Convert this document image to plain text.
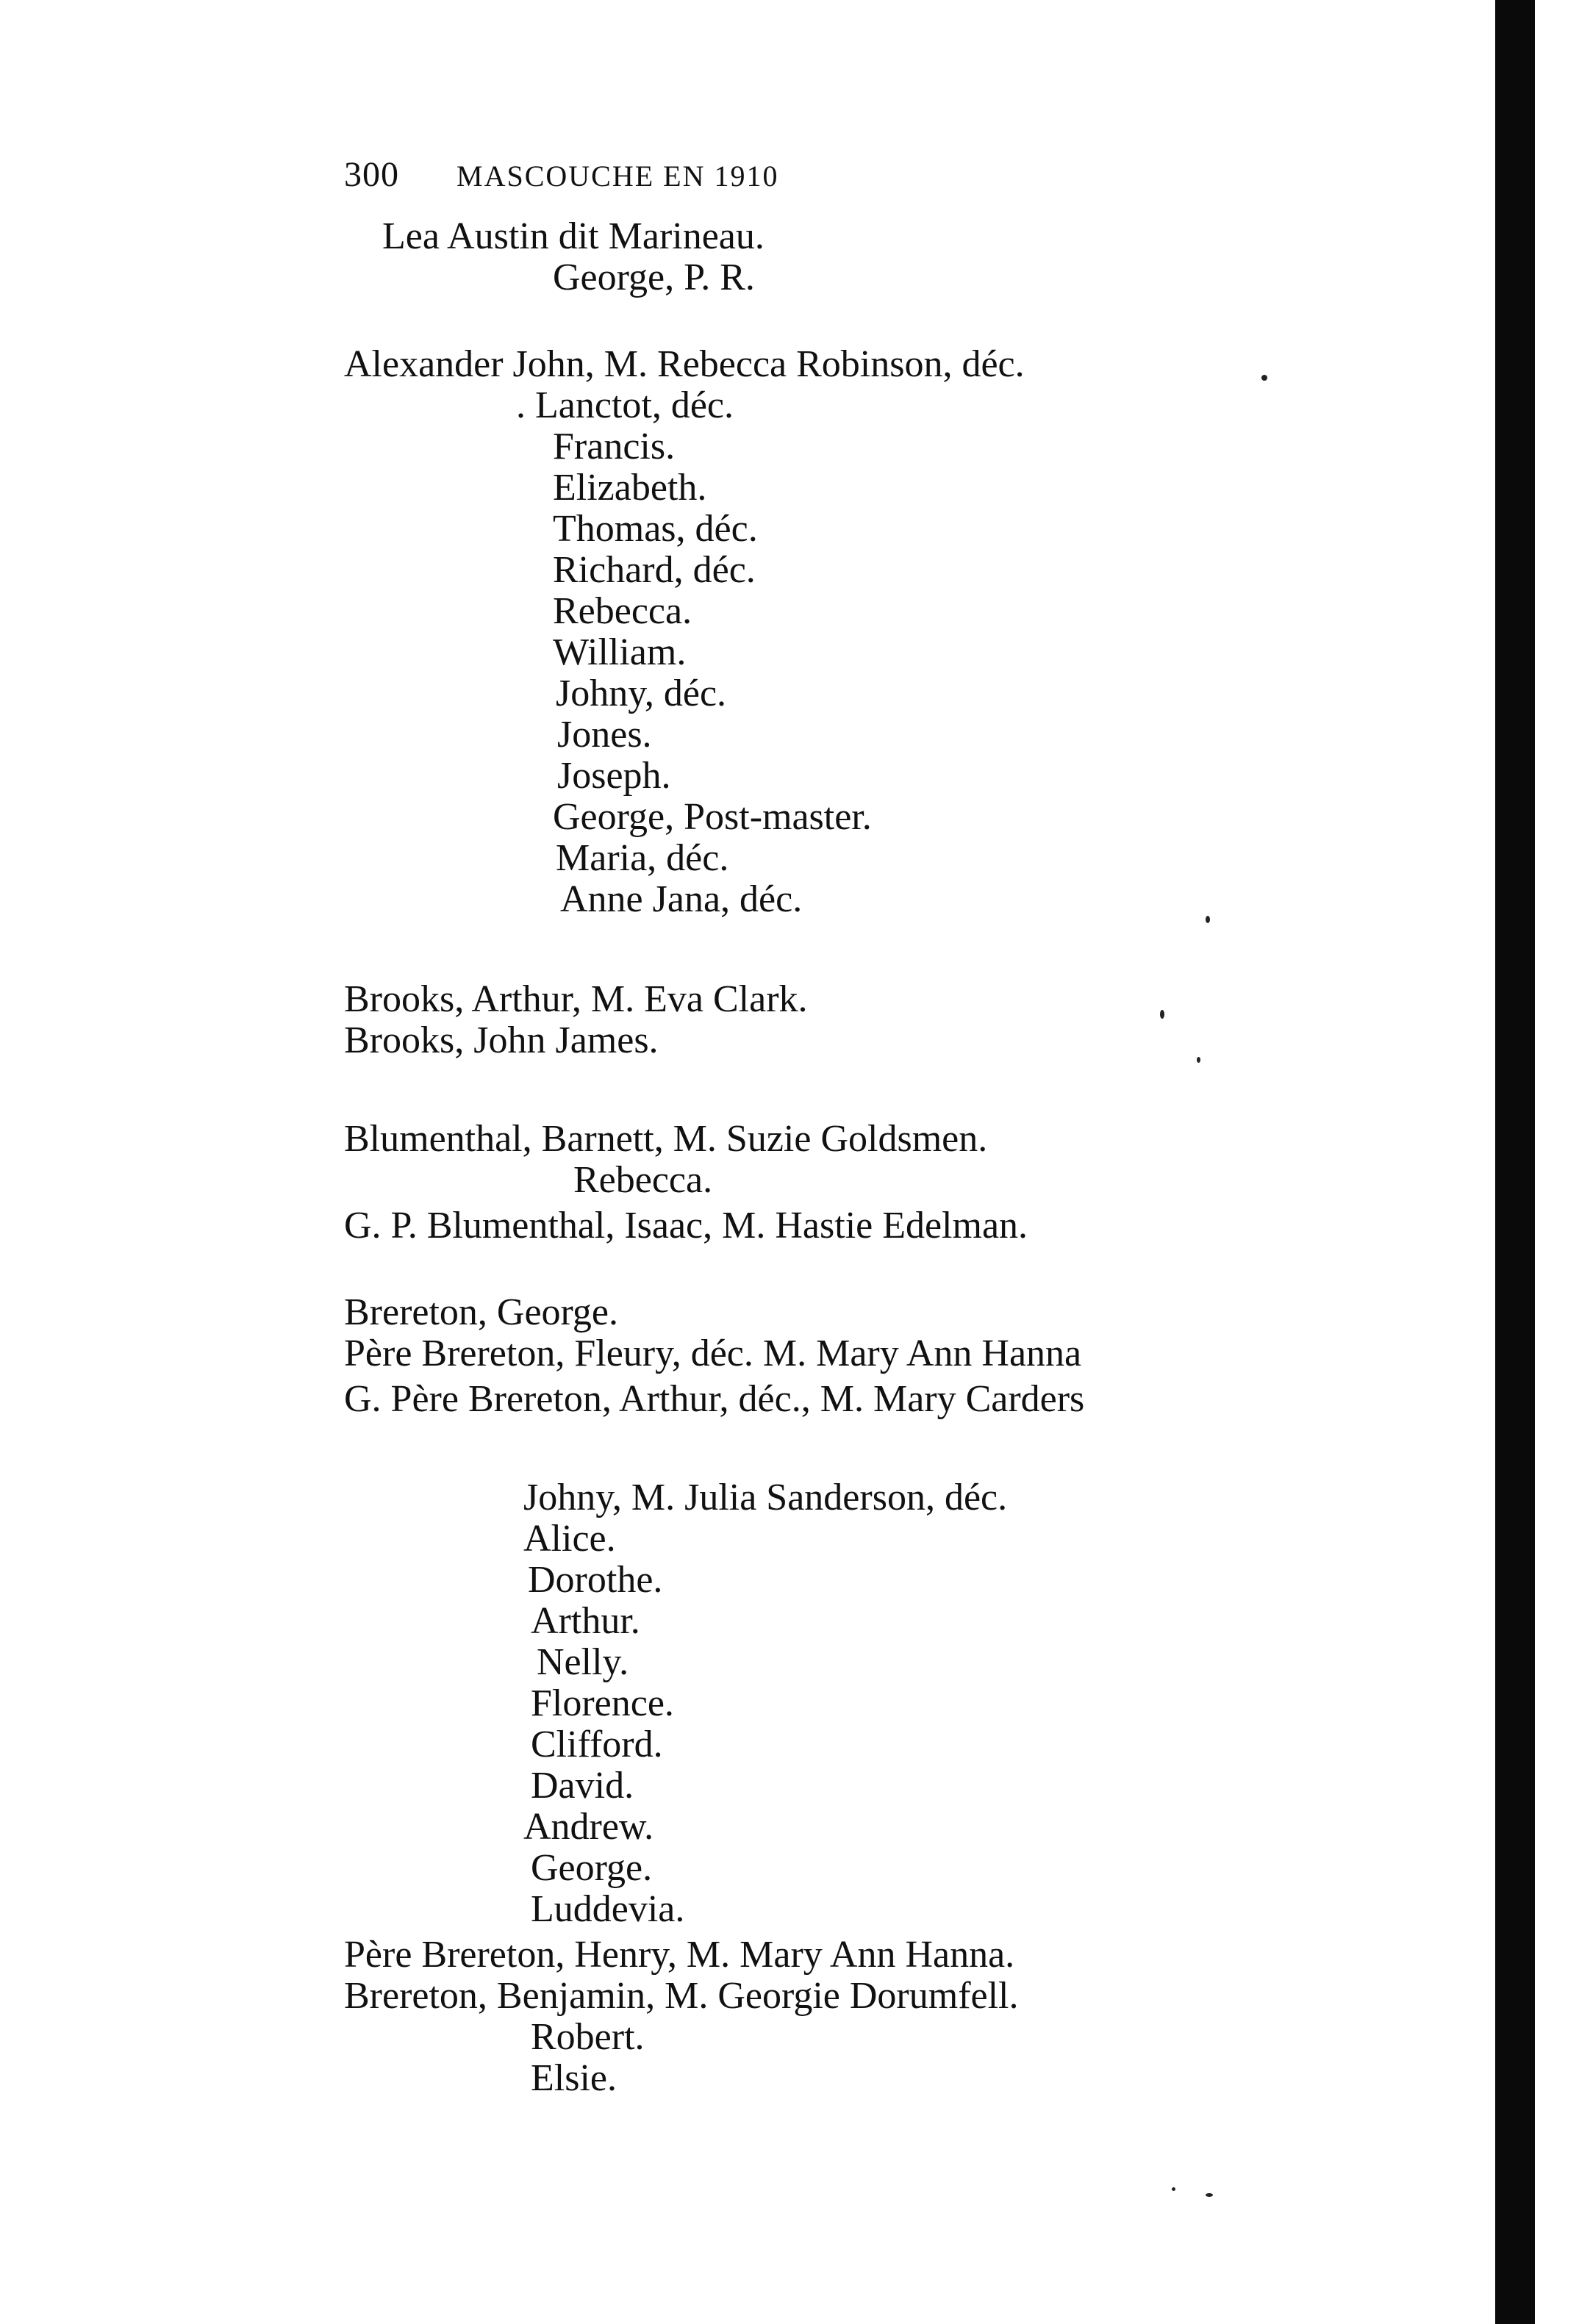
300 MASCOUCHE EN 1910
Lea Austin dit Marineau.
George, P. R.
Alexander John, M. Rebecca Robinson, déc.
. Lanctot, déc.
Francis.
Elizabeth.
Thomas, déc.
Richard, déc.
Rebecca.
William.
Johny, déc.
Jones.
Joseph.
George, Post-master.
Maria, déc.
Anne Jana, déc.
Brooks, Arthur, M. Eva Clark.
Brooks, John James.
Blumenthal, Barnett, M. Suzie Goldsmen.
Rebecca.
G. P. Blumenthal, Isaac, M. Hastie Edelman.
Brereton, George.
Père Brereton, Fleury, déc. M. Mary Ann Hanna
G. Père Brereton, Arthur, déc., M. Mary Carders
Johny, M. Julia Sanderson, déc.
Alice.
Dorothe.
Arthur.
Nelly.
Florence.
Clifford.
David.
Andrew.
George.
Luddevia.
Père Brereton, Henry, M. Mary Ann Hanna.
Brereton, Benjamin, M. Georgie Dorumfell.
Robert.
Elsie.
